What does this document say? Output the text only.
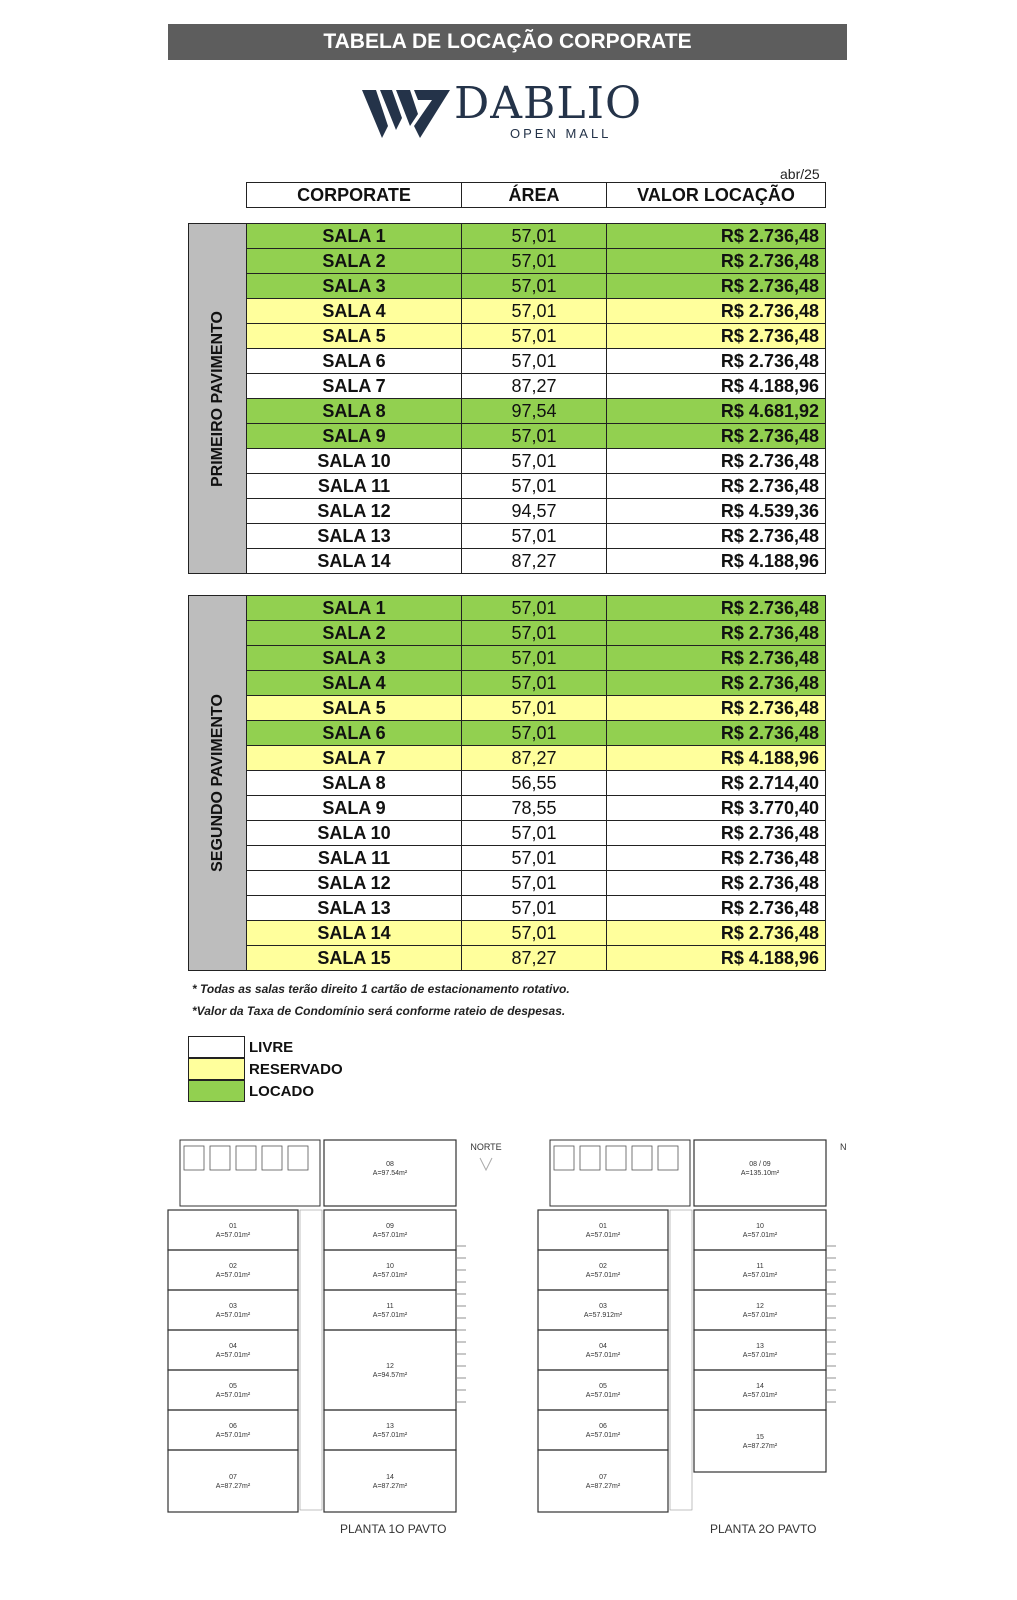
TABELA DE LOCAÇÃO CORPORATE
DABLIO
OPEN MALL
abr/25
CORPORATE	ÁREA	VALOR LOCAÇÃO
PRIMEIRO PAVIMENTO	SALA 1	57,01	R$ 2.736,48
	SALA 2	57,01	R$ 2.736,48
	SALA 3	57,01	R$ 2.736,48
	SALA 4	57,01	R$ 2.736,48
	SALA 5	57,01	R$ 2.736,48
	SALA 6	57,01	R$ 2.736,48
	SALA 7	87,27	R$ 4.188,96
	SALA 8	97,54	R$ 4.681,92
	SALA 9	57,01	R$ 2.736,48
	SALA 10	57,01	R$ 2.736,48
	SALA 11	57,01	R$ 2.736,48
	SALA 12	94,57	R$ 4.539,36
	SALA 13	57,01	R$ 2.736,48
	SALA 14	87,27	R$ 4.188,96
SEGUNDO PAVIMENTO	SALA 1	57,01	R$ 2.736,48
	SALA 2	57,01	R$ 2.736,48
	SALA 3	57,01	R$ 2.736,48
	SALA 4	57,01	R$ 2.736,48
	SALA 5	57,01	R$ 2.736,48
	SALA 6	57,01	R$ 2.736,48
	SALA 7	87,27	R$ 4.188,96
	SALA 8	56,55	R$ 2.714,40
	SALA 9	78,55	R$ 3.770,40
	SALA 10	57,01	R$ 2.736,48
	SALA 11	57,01	R$ 2.736,48
	SALA 12	57,01	R$ 2.736,48
	SALA 13	57,01	R$ 2.736,48
	SALA 14	57,01	R$ 2.736,48
	SALA 15	87,27	R$ 4.188,96
* Todas as salas terão direito 1 cartão de estacionamento rotativo.
*Valor da Taxa de Condomínio será conforme rateio de despesas.
LIVRE
RESERVADO
LOCADO
01
A=57.01m²
02
A=57.01m²
03
A=57.01m²
04
A=57.01m²
05
A=57.01m²
06
A=57.01m²
07
A=87.27m²
08
A=97.54m²
09
A=57.01m²
10
A=57.01m²
11
A=57.01m²
12
A=94.57m²
13
A=57.01m²
14
A=87.27m²
NORTE
PLANTA 1O PAVTO
01
A=57.01m²
02
A=57.01m²
03
A=57.912m²
04
A=57.01m²
05
A=57.01m²
06
A=57.01m²
07
A=87.27m²
08 / 09
A=135.10m²
10
A=57.01m²
11
A=57.01m²
12
A=57.01m²
13
A=57.01m²
14
A=57.01m²
15
A=87.27m²
N
PLANTA 2O PAVTO
